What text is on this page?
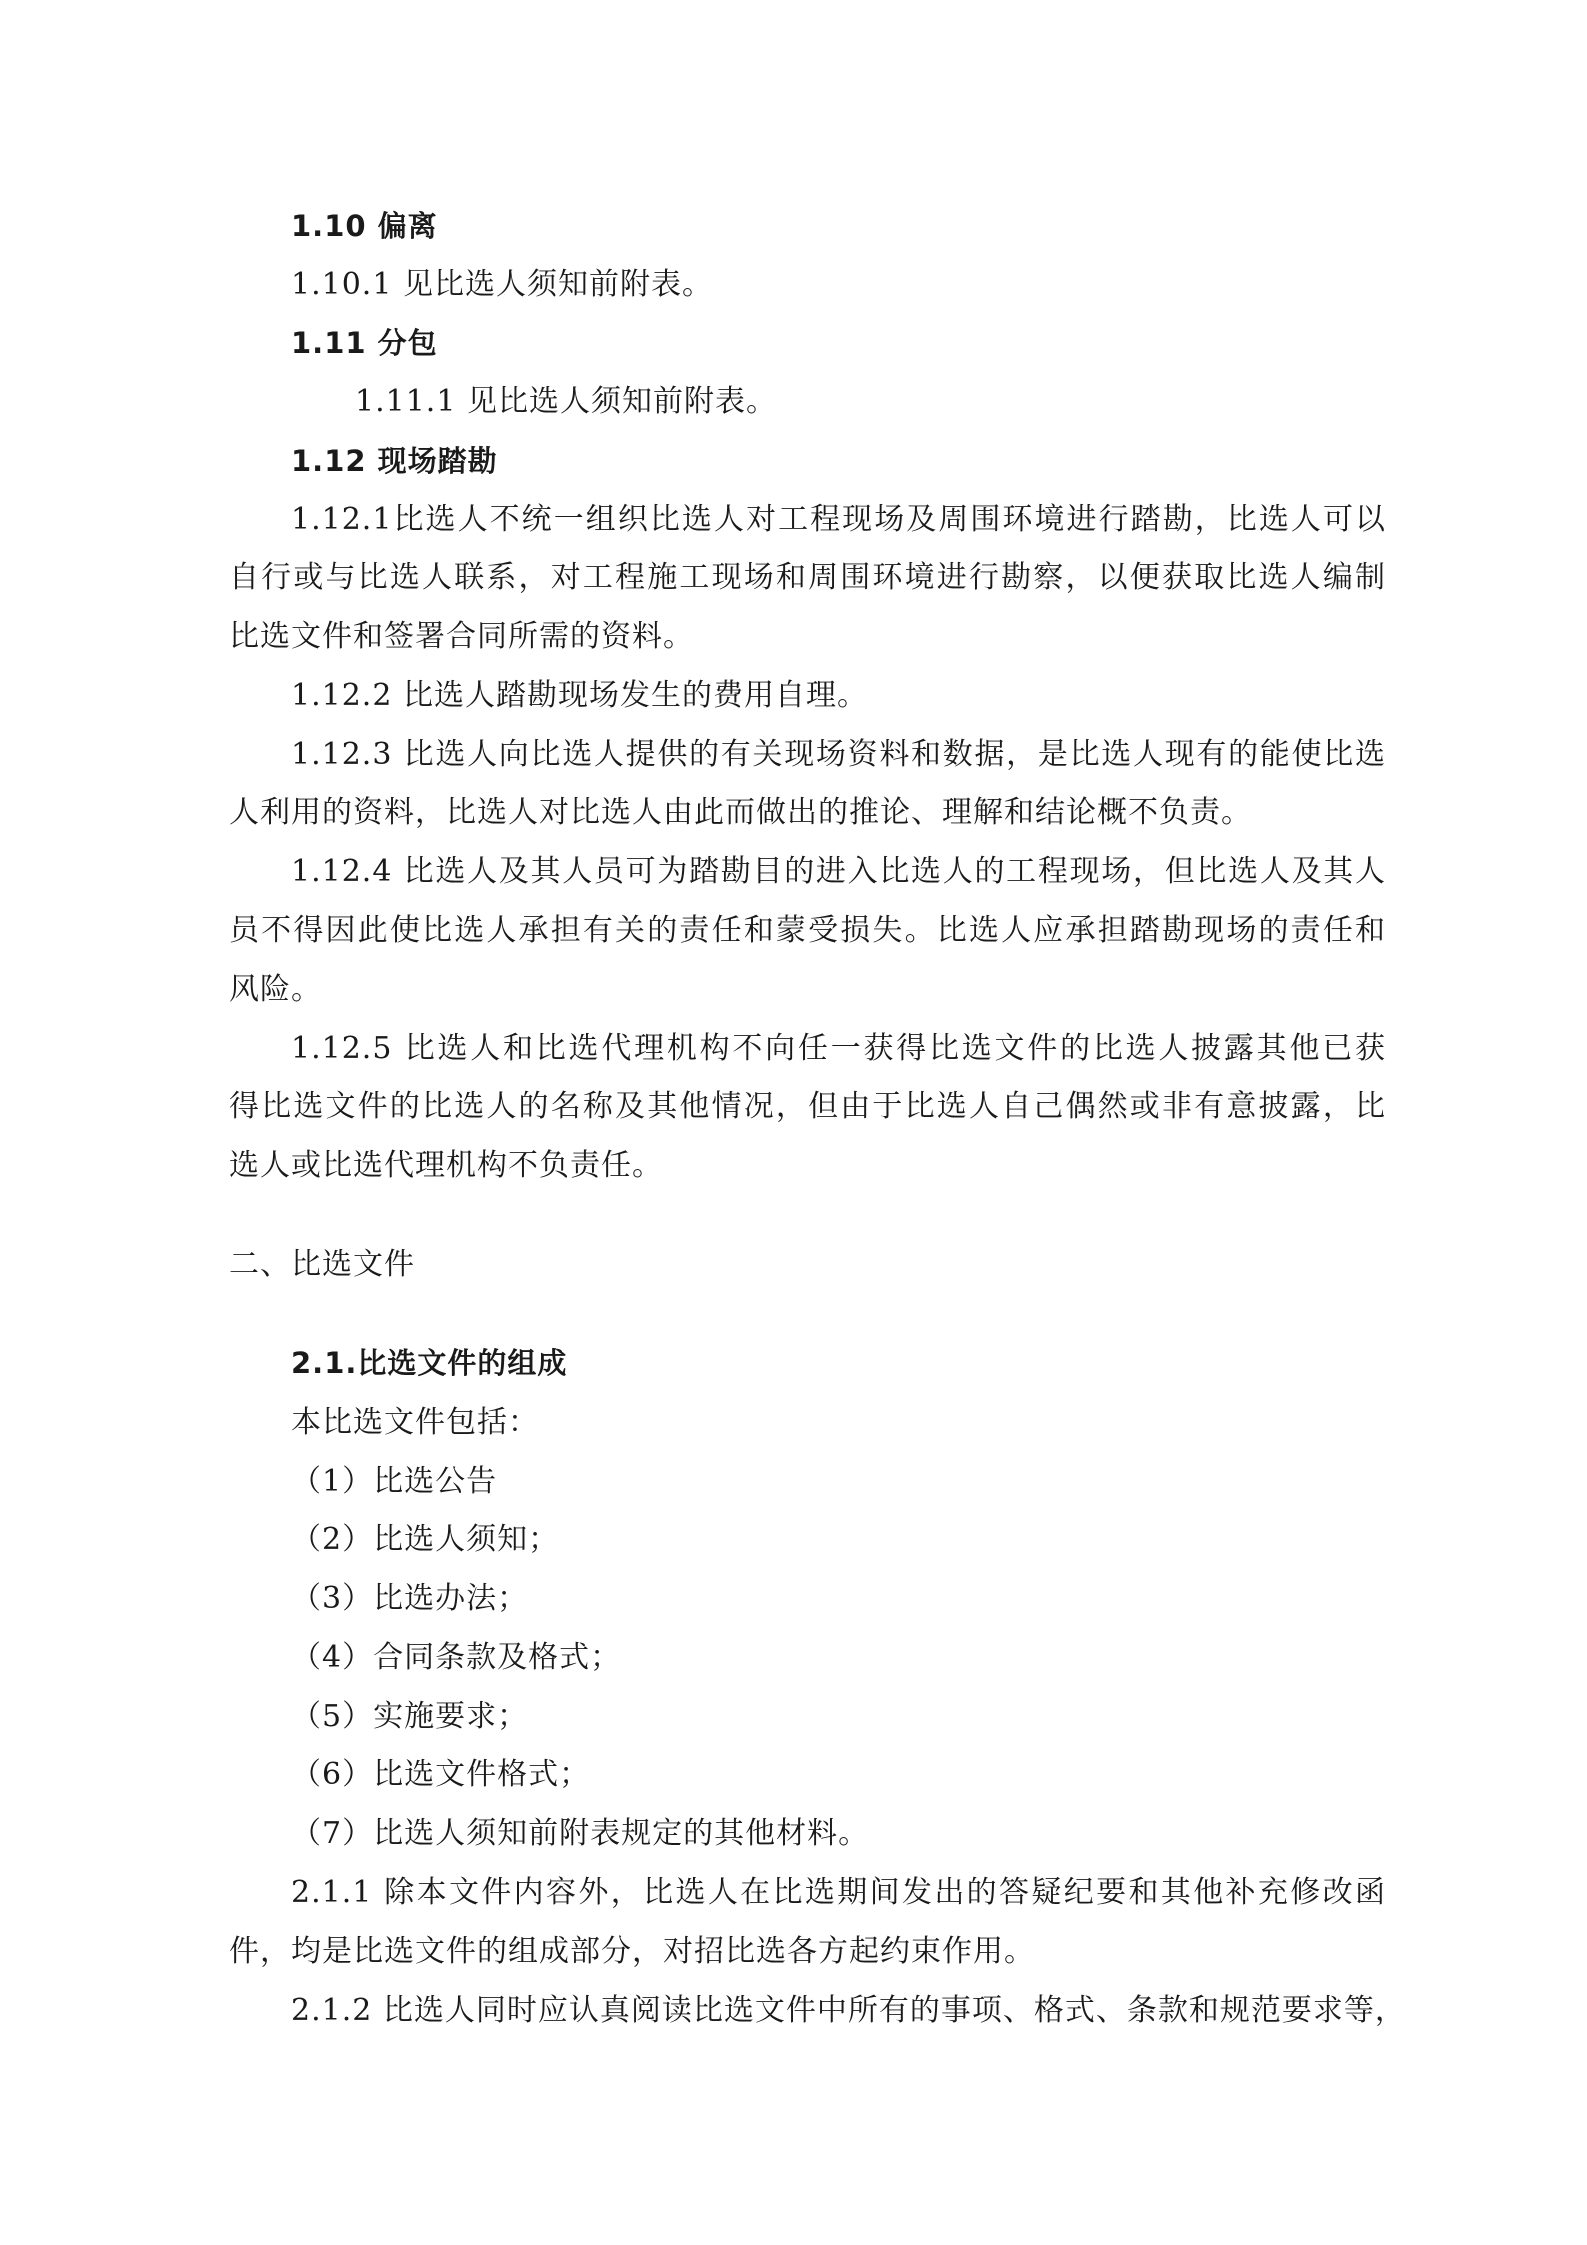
1.10 偏离
1.10.1 见比选人须知前附表。
1.11 分包
1.11.1 见比选人须知前附表。
1.12 现场踏勘
1.12.1比选人不统一组织比选人对工程现场及周围环境进行踏勘，比选人可以
自行或与比选人联系，对工程施工现场和周围环境进行勘察，以便获取比选人编制
比选文件和签署合同所需的资料。
1.12.2 比选人踏勘现场发生的费用自理。
1.12.3 比选人向比选人提供的有关现场资料和数据，是比选人现有的能使比选
人利用的资料，比选人对比选人由此而做出的推论、理解和结论概不负责。
1.12.4 比选人及其人员可为踏勘目的进入比选人的工程现场，但比选人及其人
员不得因此使比选人承担有关的责任和蒙受损失。比选人应承担踏勘现场的责任和
风险。
1.12.5 比选人和比选代理机构不向任一获得比选文件的比选人披露其他已获
得比选文件的比选人的名称及其他情况，但由于比选人自己偶然或非有意披露，比
选人或比选代理机构不负责任。
二、比选文件
2.1.比选文件的组成
本比选文件包括：
（1）比选公告
（2）比选人须知；
（3）比选办法；
（4）合同条款及格式；
（5）实施要求；
（6）比选文件格式；
（7）比选人须知前附表规定的其他材料。
2.1.1 除本文件内容外，比选人在比选期间发出的答疑纪要和其他补充修改函
件，均是比选文件的组成部分，对招比选各方起约束作用。
2.1.2 比选人同时应认真阅读比选文件中所有的事项、格式、条款和规范要求等，
